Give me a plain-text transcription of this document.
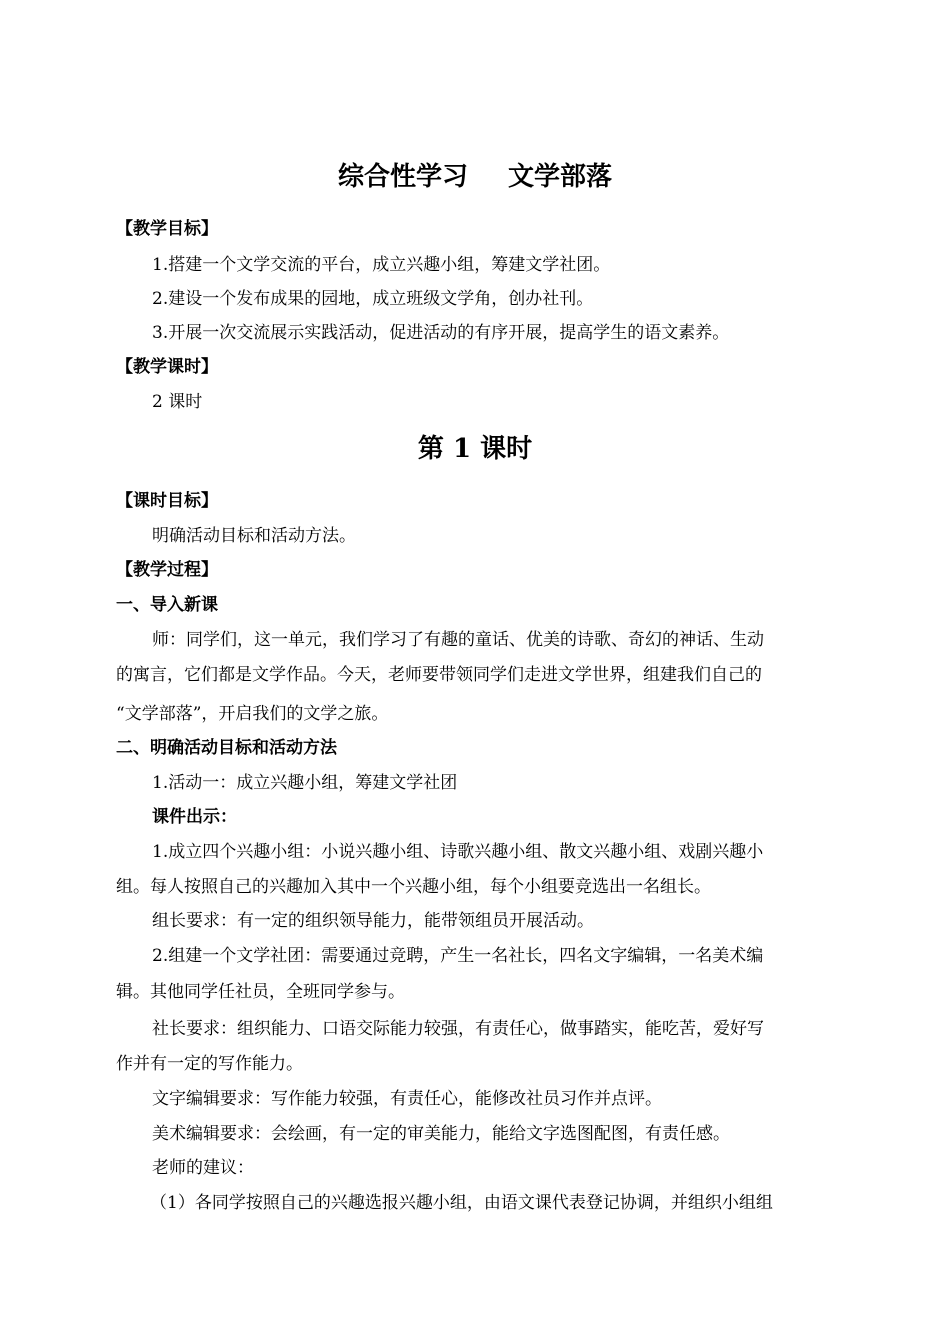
综合性学习 文学部落
【教学目标】
1.搭建一个文学交流的平台，成立兴趣小组，筹建文学社团。
2.建设一个发布成果的园地，成立班级文学角，创办社刊。
3.开展一次交流展示实践活动，促进活动的有序开展，提高学生的语文素养。
【教学课时】
2 课时
第 1 课时
【课时目标】
明确活动目标和活动方法。
【教学过程】
一、导入新课
师：同学们，这一单元，我们学习了有趣的童话、优美的诗歌、奇幻的神话、生动
的寓言，它们都是文学作品。今天，老师要带领同学们走进文学世界，组建我们自己的
“文学部落”，开启我们的文学之旅。
二、明确活动目标和活动方法
1.活动一：成立兴趣小组，筹建文学社团
课件出示：
1.成立四个兴趣小组：小说兴趣小组、诗歌兴趣小组、散文兴趣小组、戏剧兴趣小
组。每人按照自己的兴趣加入其中一个兴趣小组，每个小组要竞选出一名组长。
组长要求：有一定的组织领导能力，能带领组员开展活动。
2.组建一个文学社团：需要通过竞聘，产生一名社长，四名文字编辑，一名美术编
辑。其他同学任社员，全班同学参与。
社长要求：组织能力、口语交际能力较强，有责任心，做事踏实，能吃苦，爱好写
作并有一定的写作能力。
文字编辑要求：写作能力较强，有责任心，能修改社员习作并点评。
美术编辑要求：会绘画，有一定的审美能力，能给文字选图配图，有责任感。
老师的建议：
（1）各同学按照自己的兴趣选报兴趣小组，由语文课代表登记协调，并组织小组组
